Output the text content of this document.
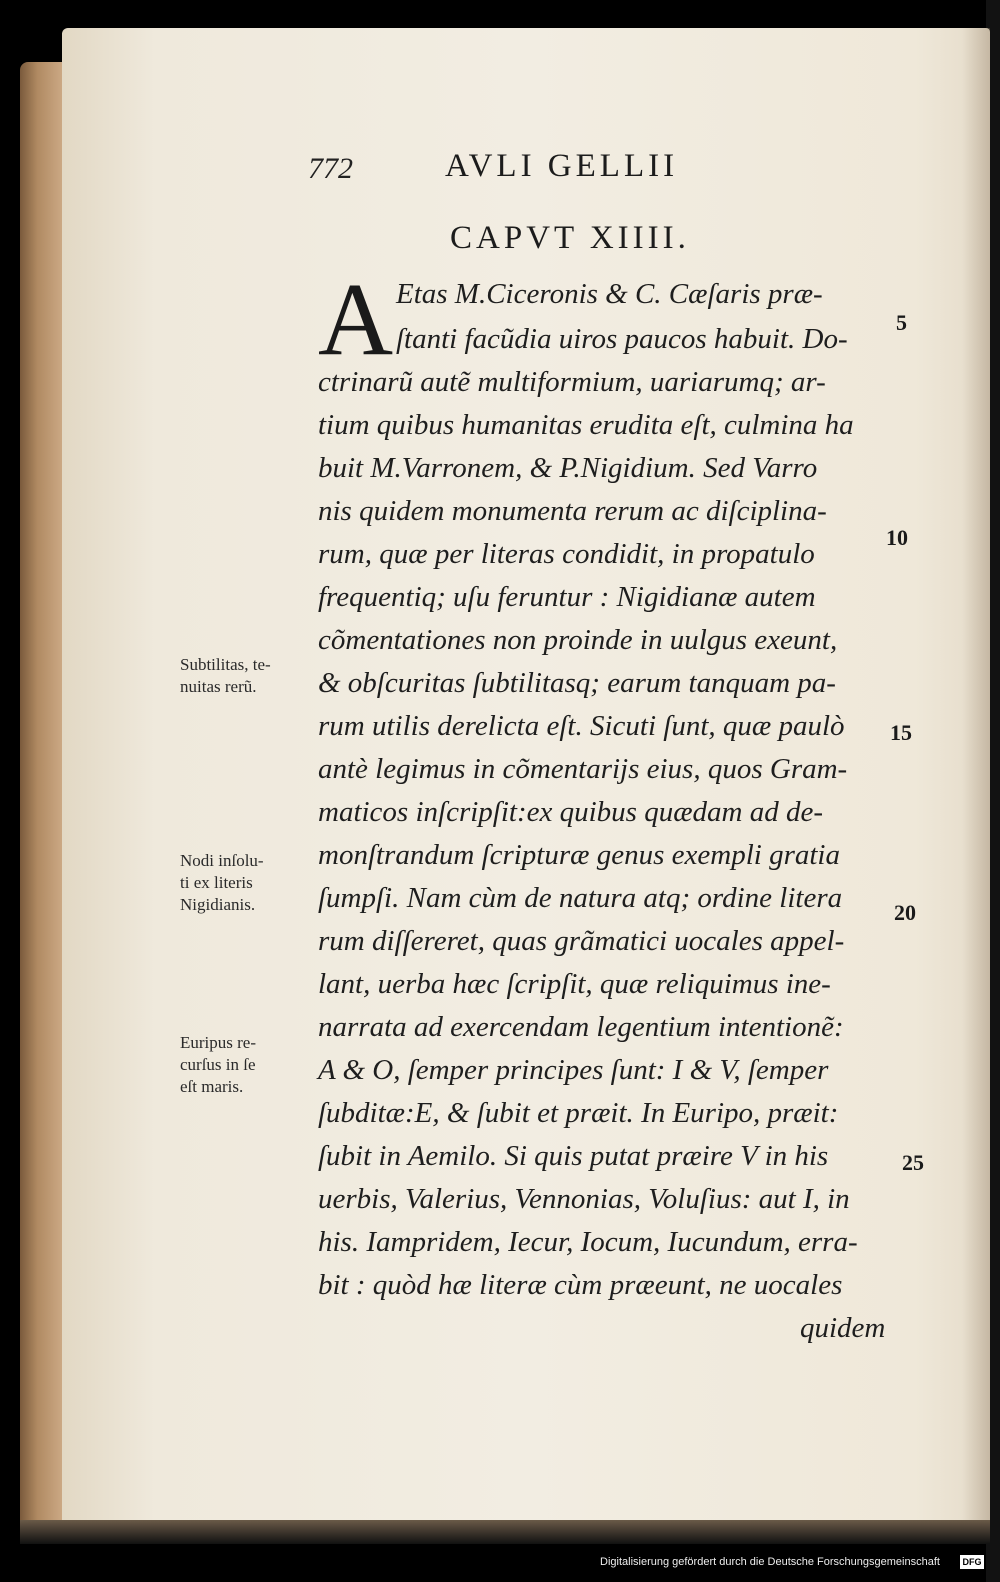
772	AVLI GELLII
CAPVT XIIII.
A Etas M.Ciceronis & C. Cæſaris præ-
ſtanti facũdia uiros paucos habuit. Do-
ctrinarũ autẽ multiformium, uariarumq; ar-
tium quibus humanitas erudita eſt, culmina ha
buit M.Varronem, & P.Nigidium. Sed Varro
nis quidem monumenta rerum ac diſciplina-
rum, quæ per literas condidit, in propatulo
frequentiq; uſu feruntur : Nigidianæ autem
cõmentationes non proinde in uulgus exeunt,
& obſcuritas ſubtilitasq; earum tanquam pa-
rum utilis derelicta eſt. Sicuti ſunt, quæ paulò
antè legimus in cõmentarijs eius, quos Gram-
maticos inſcripſit:ex quibus quædam ad de-
monſtrandum ſcripturæ genus exempli gratia
ſumpſi. Nam cùm de natura atq; ordine litera
rum diſſereret, quas grãmatici uocales appel-
lant, uerba hæc ſcripſit, quæ reliquimus ine-
narrata ad exercendam legentium intentionẽ:
A & O, ſemper principes ſunt: I & V, ſemper
ſubditæ:E, & ſubit et præit. In Euripo, præit:
ſubit in Aemilo. Si quis putat præire V in his
uerbis, Valerius, Vennonias, Voluſius: aut I, in
his. Iampridem, Iecur, Iocum, Iucundum, erra-
bit : quòd hæ literæ cùm præeunt, ne uocales
quidem
Subtilitas, te-
nuitas rerũ.
Nodi inſolu-
ti ex literis
Nigidianis.
Euripus re-
curſus in ſe
eſt maris.
5
10
15
20
25
Digitalisierung gefördert durch die Deutsche Forschungsgemeinschaft	DFG
